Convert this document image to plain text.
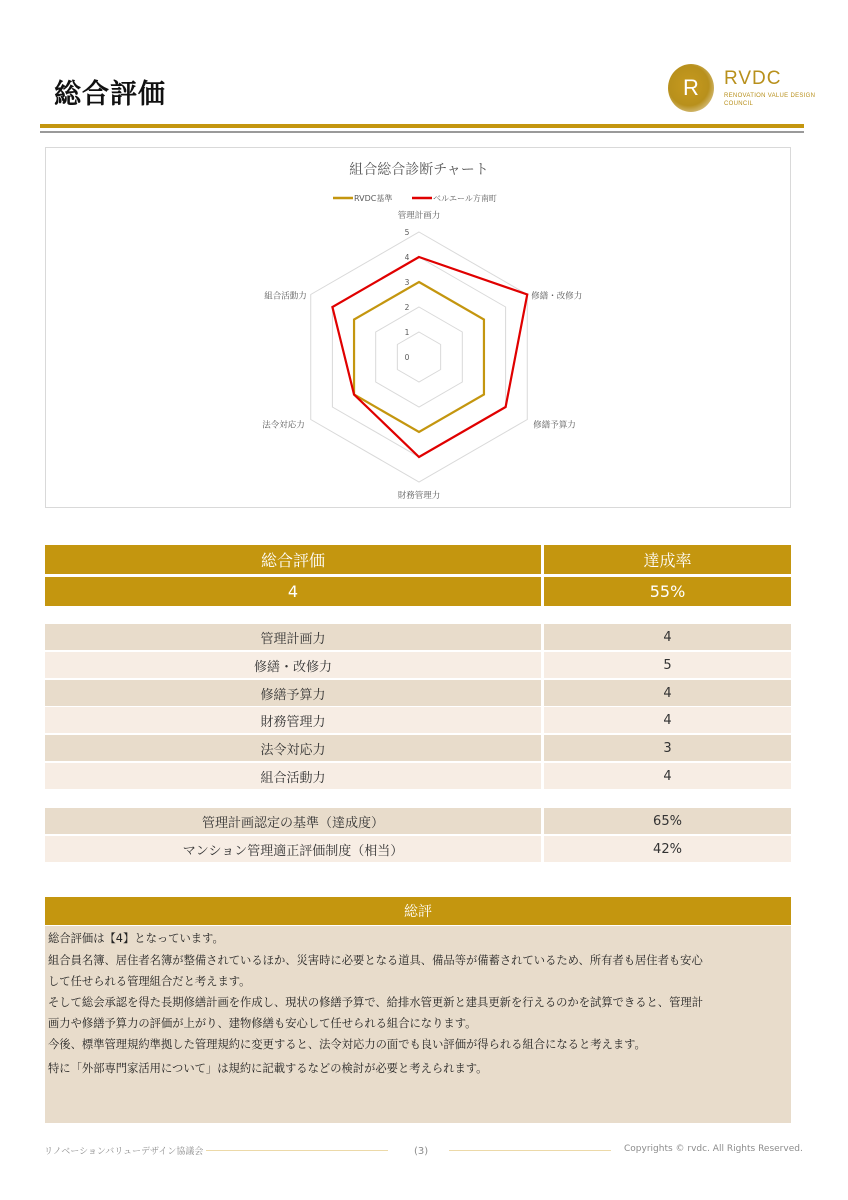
総合評価	R	RVDC
RENOVATION VALUE DESIGN
COUNCIL
組合総合診断チャート
RVDC基準	ベルエール方南町
0
1
2
3
4
5
管理計画力
修繕・改修力
修繕予算力
財務管理力
法令対応力
組合活動力
総合評価	達成率
4	55%
管理計画力	4
修繕・改修力	5
修繕予算力	4
財務管理力	4
法令対応力	3
組合活動力	4
管理計画認定の基準（達成度）	65%
マンション管理適正評価制度（相当）	42%
総評

総合評価は【4】となっています。

組合員名簿、居住者名簿が整備されているほか、災害時に必要となる道具、備品等が備蓄されているため、所有者も居住者も安心

して任せられる管理組合だと考えます。

そして総会承認を得た長期修繕計画を作成し、現状の修繕予算で、給排水管更新と建具更新を行えるのかを試算できると、管理計

画力や修繕予算力の評価が上がり、建物修繕も安心して任せられる組合になります。

今後、標準管理規約準拠した管理規約に変更すると、法令対応力の面でも良い評価が得られる組合になると考えます。

特に「外部専門家活用について」は規約に記載するなどの検討が必要と考えられます。

リノベーションバリューデザイン協議会	(3)	Copyrights © rvdc. All Rights Reserved.
